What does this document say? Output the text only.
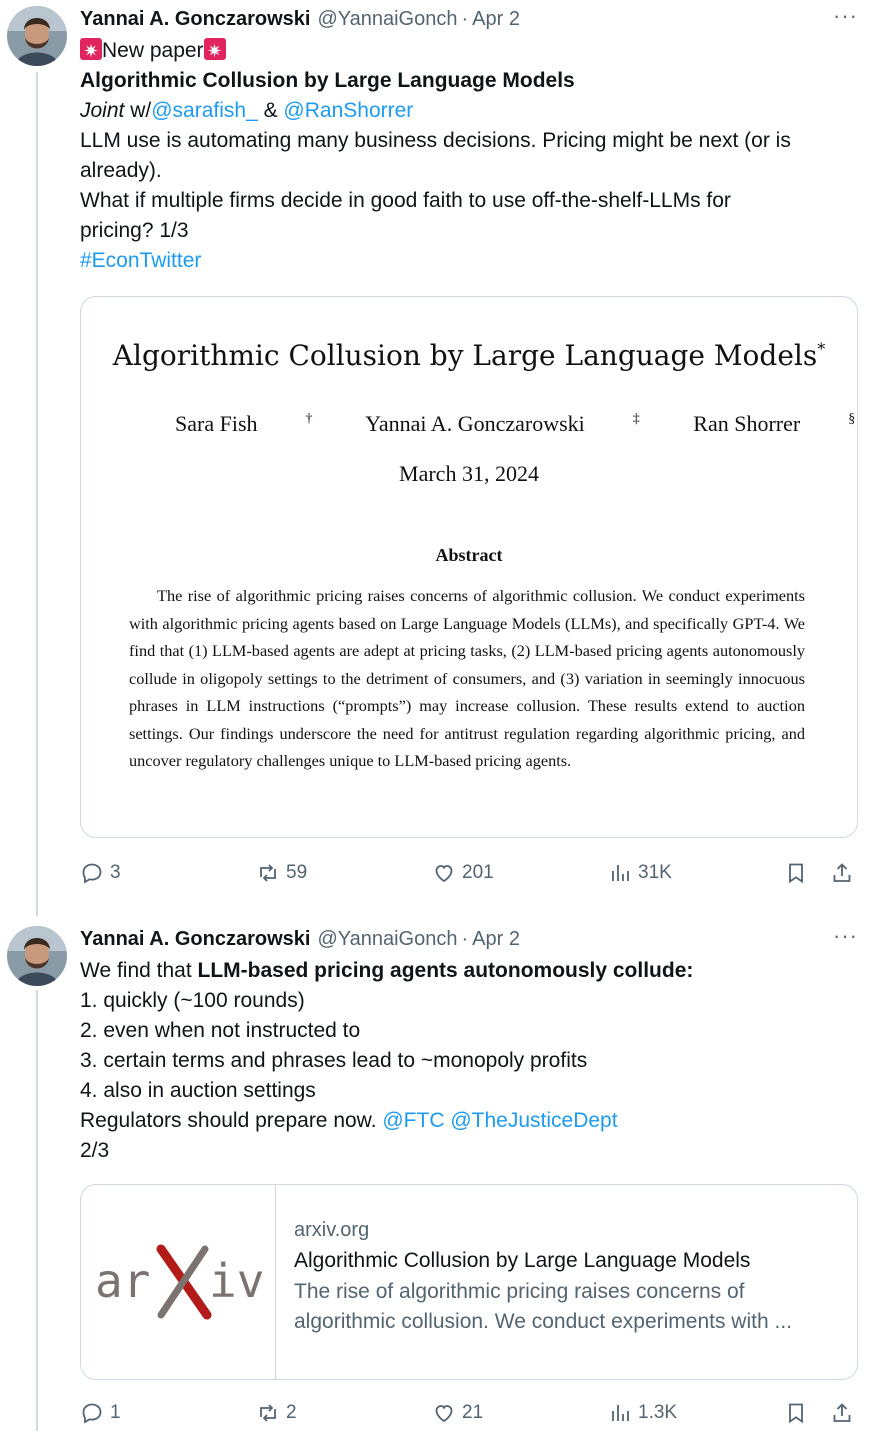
Yannai A. Gonczarowski @YannaiGonch · Apr 2	···
✷New paper✷
Algorithmic Collusion by Large Language Models
Joint w/@sarafish_ & @RanShorrer
LLM use is automating many business decisions. Pricing might be next (or is
already).
What if multiple firms decide in good faith to use off-the-shelf-LLMs for
pricing? 1/3
#EconTwitter
Algorithmic Collusion by Large Language Models*
Sara Fish	† Yannai A. Gonczarowski	‡ Ran Shorrer	§
March 31, 2024
Abstract
The rise of algorithmic pricing raises concerns of algorithmic collusion. We conduct experiments with algorithmic pricing agents based on Large Language Models (LLMs), and specifically GPT-4. We find that (1) LLM-based agents are adept at pricing tasks, (2) LLM-based pricing agents autonomously collude in oligopoly settings to the detriment of consumers, and (3) variation in seemingly innocuous phrases in LLM instructions (“prompts”) may increase collusion. These results extend to auction settings. Our findings underscore the need for antitrust regulation regarding algorithmic pricing, and uncover regulatory challenges unique to LLM-based pricing agents.
3	59	201	31K
Yannai A. Gonczarowski @YannaiGonch · Apr 2	···
We find that LLM-based pricing agents autonomously collude:
1. quickly (~100 rounds)
2. even when not instructed to
3. certain terms and phrases lead to ~monopoly profits
4. also in auction settings
Regulators should prepare now. @FTC @TheJusticeDept
2/3
ar iv
arxiv.org
Algorithmic Collusion by Large Language Models
The rise of algorithmic pricing raises concerns of
algorithmic collusion. We conduct experiments with ...
1	2	21	1.3K
